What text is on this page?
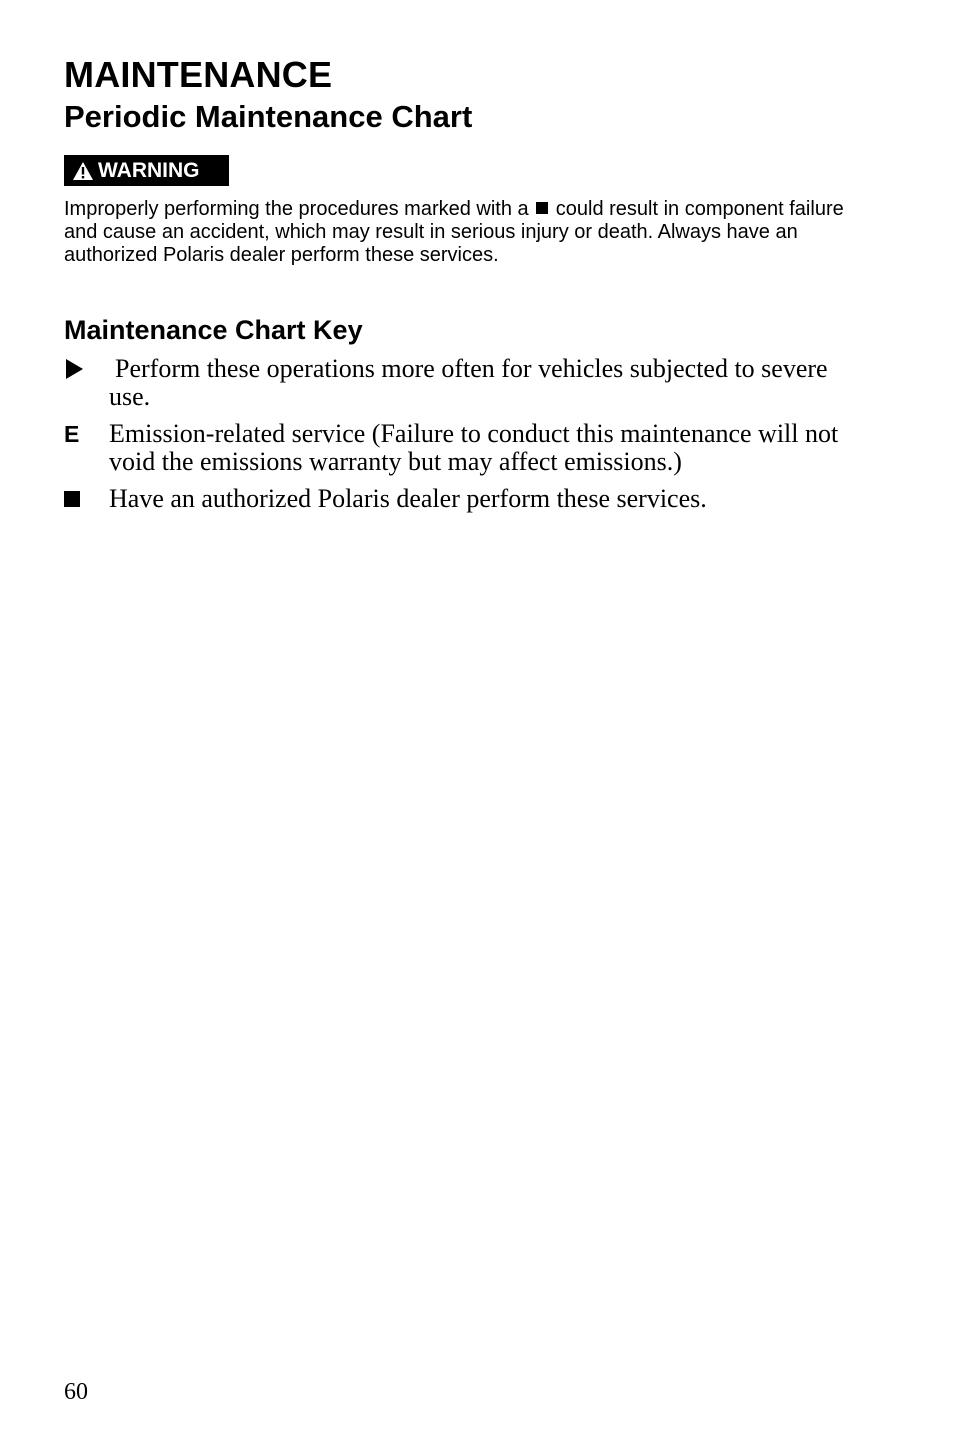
MAINTENANCE
Periodic Maintenance Chart
WARNING

Improperly performing the procedures marked with a could result in component failure and cause an accident, which may result in serious injury or death. Always have an authorized Polaris dealer perform these services.

Maintenance Chart Key
Perform these operations more often for vehicles subjected to severe use.
E	Emission-related service (Failure to conduct this maintenance will not void the emissions warranty but may affect emissions.)
Have an authorized Polaris dealer perform these services.
60
